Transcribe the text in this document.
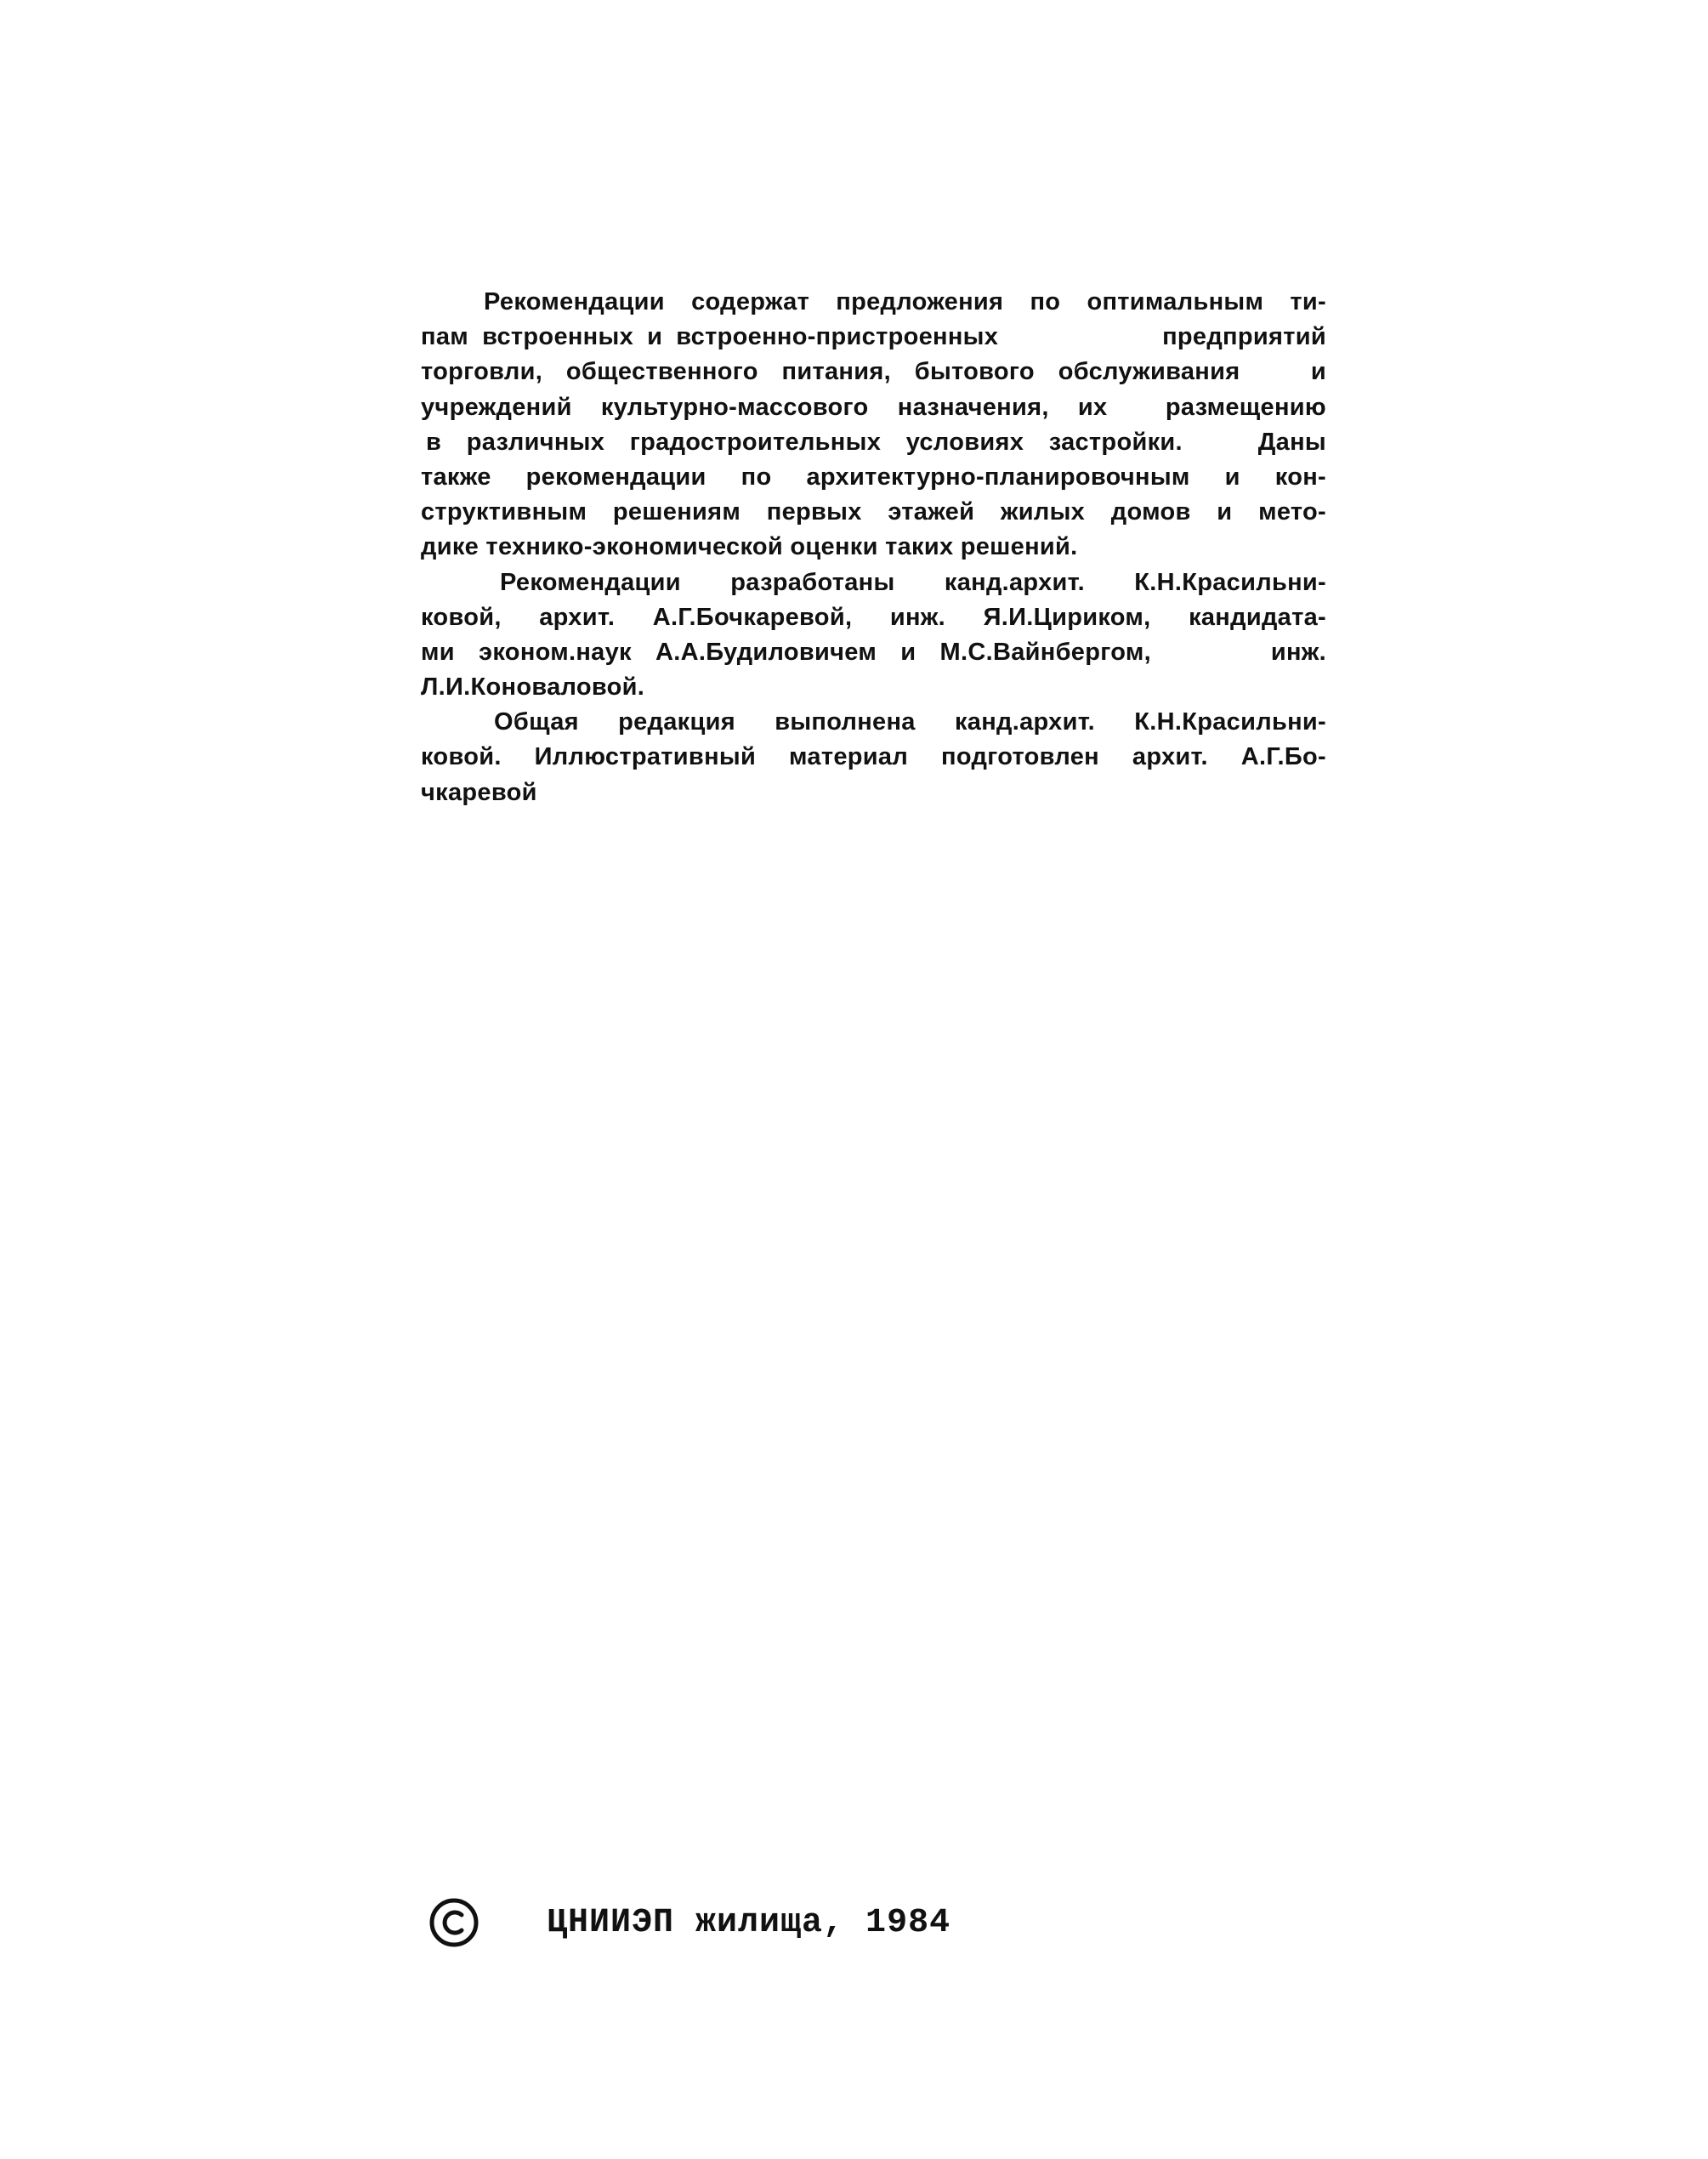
Рекомендации содержат предложения по оптимальным ти-
пам встроенных и встроенно-пристроенных            предприятий
торговли, общественного питания, бытового обслуживания   и
учреждений культурно-массового назначения, их  размещению
в различных градостроительных условиях застройки.   Даны
также рекомендации по архитектурно-планировочным и кон-
структивным решениям первых этажей жилых домов и мето-
дике технико-экономической оценки таких решений.
Рекомендации разработаны канд.архит. К.Н.Красильни-
ковой, архит. А.Г.Бочкаревой, инж. Я.И.Цириком, кандидата-
ми эконом.наук А.А.Будиловичем и М.С.Вайнбергом,     инж.
Л.И.Коноваловой.
Общая редакция выполнена канд.архит. К.Н.Красильни-
ковой. Иллюстративный материал подготовлен архит. А.Г.Бо-
чкаревой
ЦНИИЭП жилища, 1984
